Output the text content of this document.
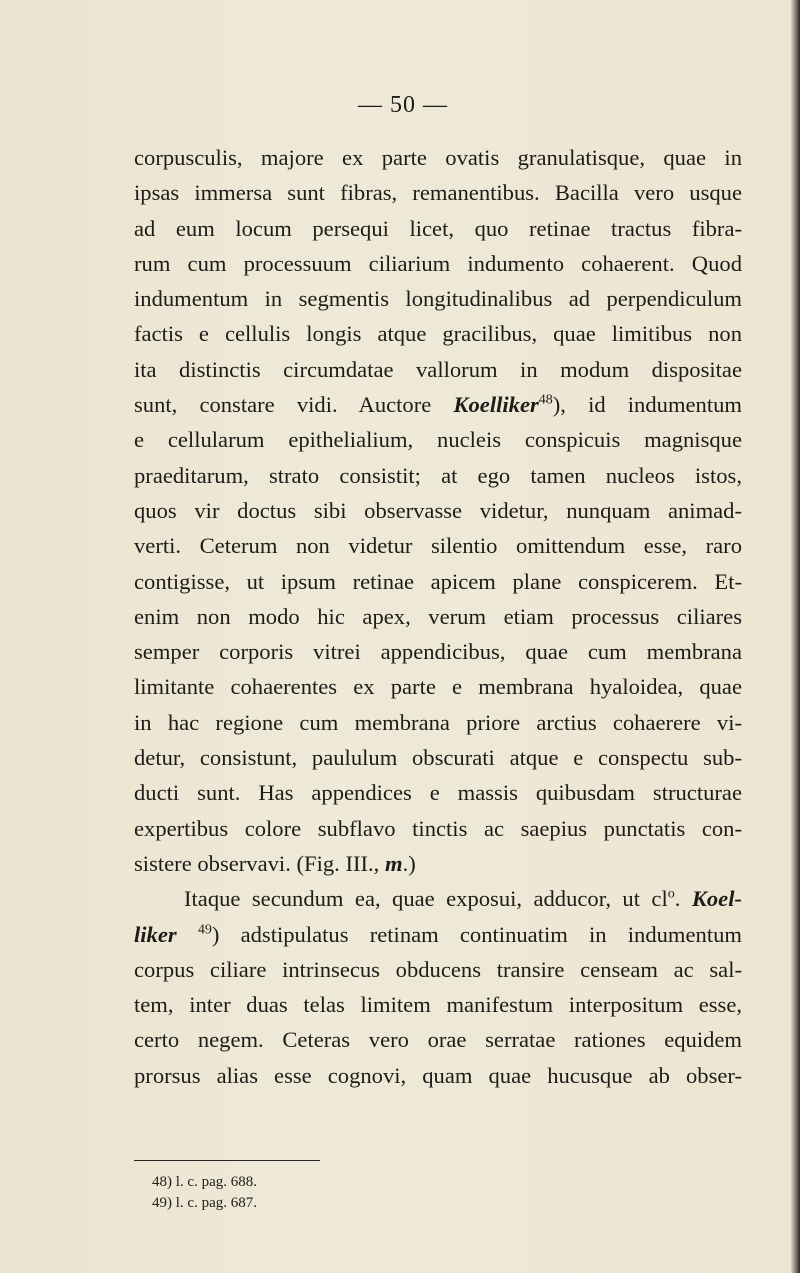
— 50 —
corpusculis, majore ex parte ovatis granulatisque, quae in
ipsas immersa sunt fibras, remanentibus. Bacilla vero usque
ad eum locum persequi licet, quo retinae tractus fibra-
rum cum processuum ciliarium indumento cohaerent. Quod
indumentum in segmentis longitudinalibus ad perpendiculum
factis e cellulis longis atque gracilibus, quae limitibus non
ita distinctis circumdatae vallorum in modum dispositae
sunt, constare vidi. Auctore Koelliker$^{48}$), id indumentum
e cellularum epithelialium, nucleis conspicuis magnisque
praeditarum, strato consistit; at ego tamen nucleos istos,
quos vir doctus sibi observasse videtur, nunquam animad-
verti. Ceterum non videtur silentio omittendum esse, raro
contigisse, ut ipsum retinae apicem plane conspicerem. Et-
enim non modo hic apex, verum etiam processus ciliares
semper corporis vitrei appendicibus, quae cum membrana
limitante cohaerentes ex parte e membrana hyaloidea, quae
in hac regione cum membrana priore arctius cohaerere vi-
detur, consistunt, paululum obscurati atque e conspectu sub-
ducti sunt. Has appendices e massis quibusdam structurae
expertibus colore subflavo tinctis ac saepius punctatis con-
sistere observavi. (Fig. III., m.)
Itaque secundum ea, quae exposui, adducor, ut $cl^o$. Koel-
liker $^{49}$) adstipulatus retinam continuatim in indumentum
corpus ciliare intrinsecus obducens transire censeam ac sal-
tem, inter duas telas limitem manifestum interpositum esse,
certo negem. Ceteras vero orae serratae rationes equidem
prorsus alias esse cognovi, quam quae hucusque ab obser-
48) l. c. pag. 688.
49) l. c. pag. 687.
